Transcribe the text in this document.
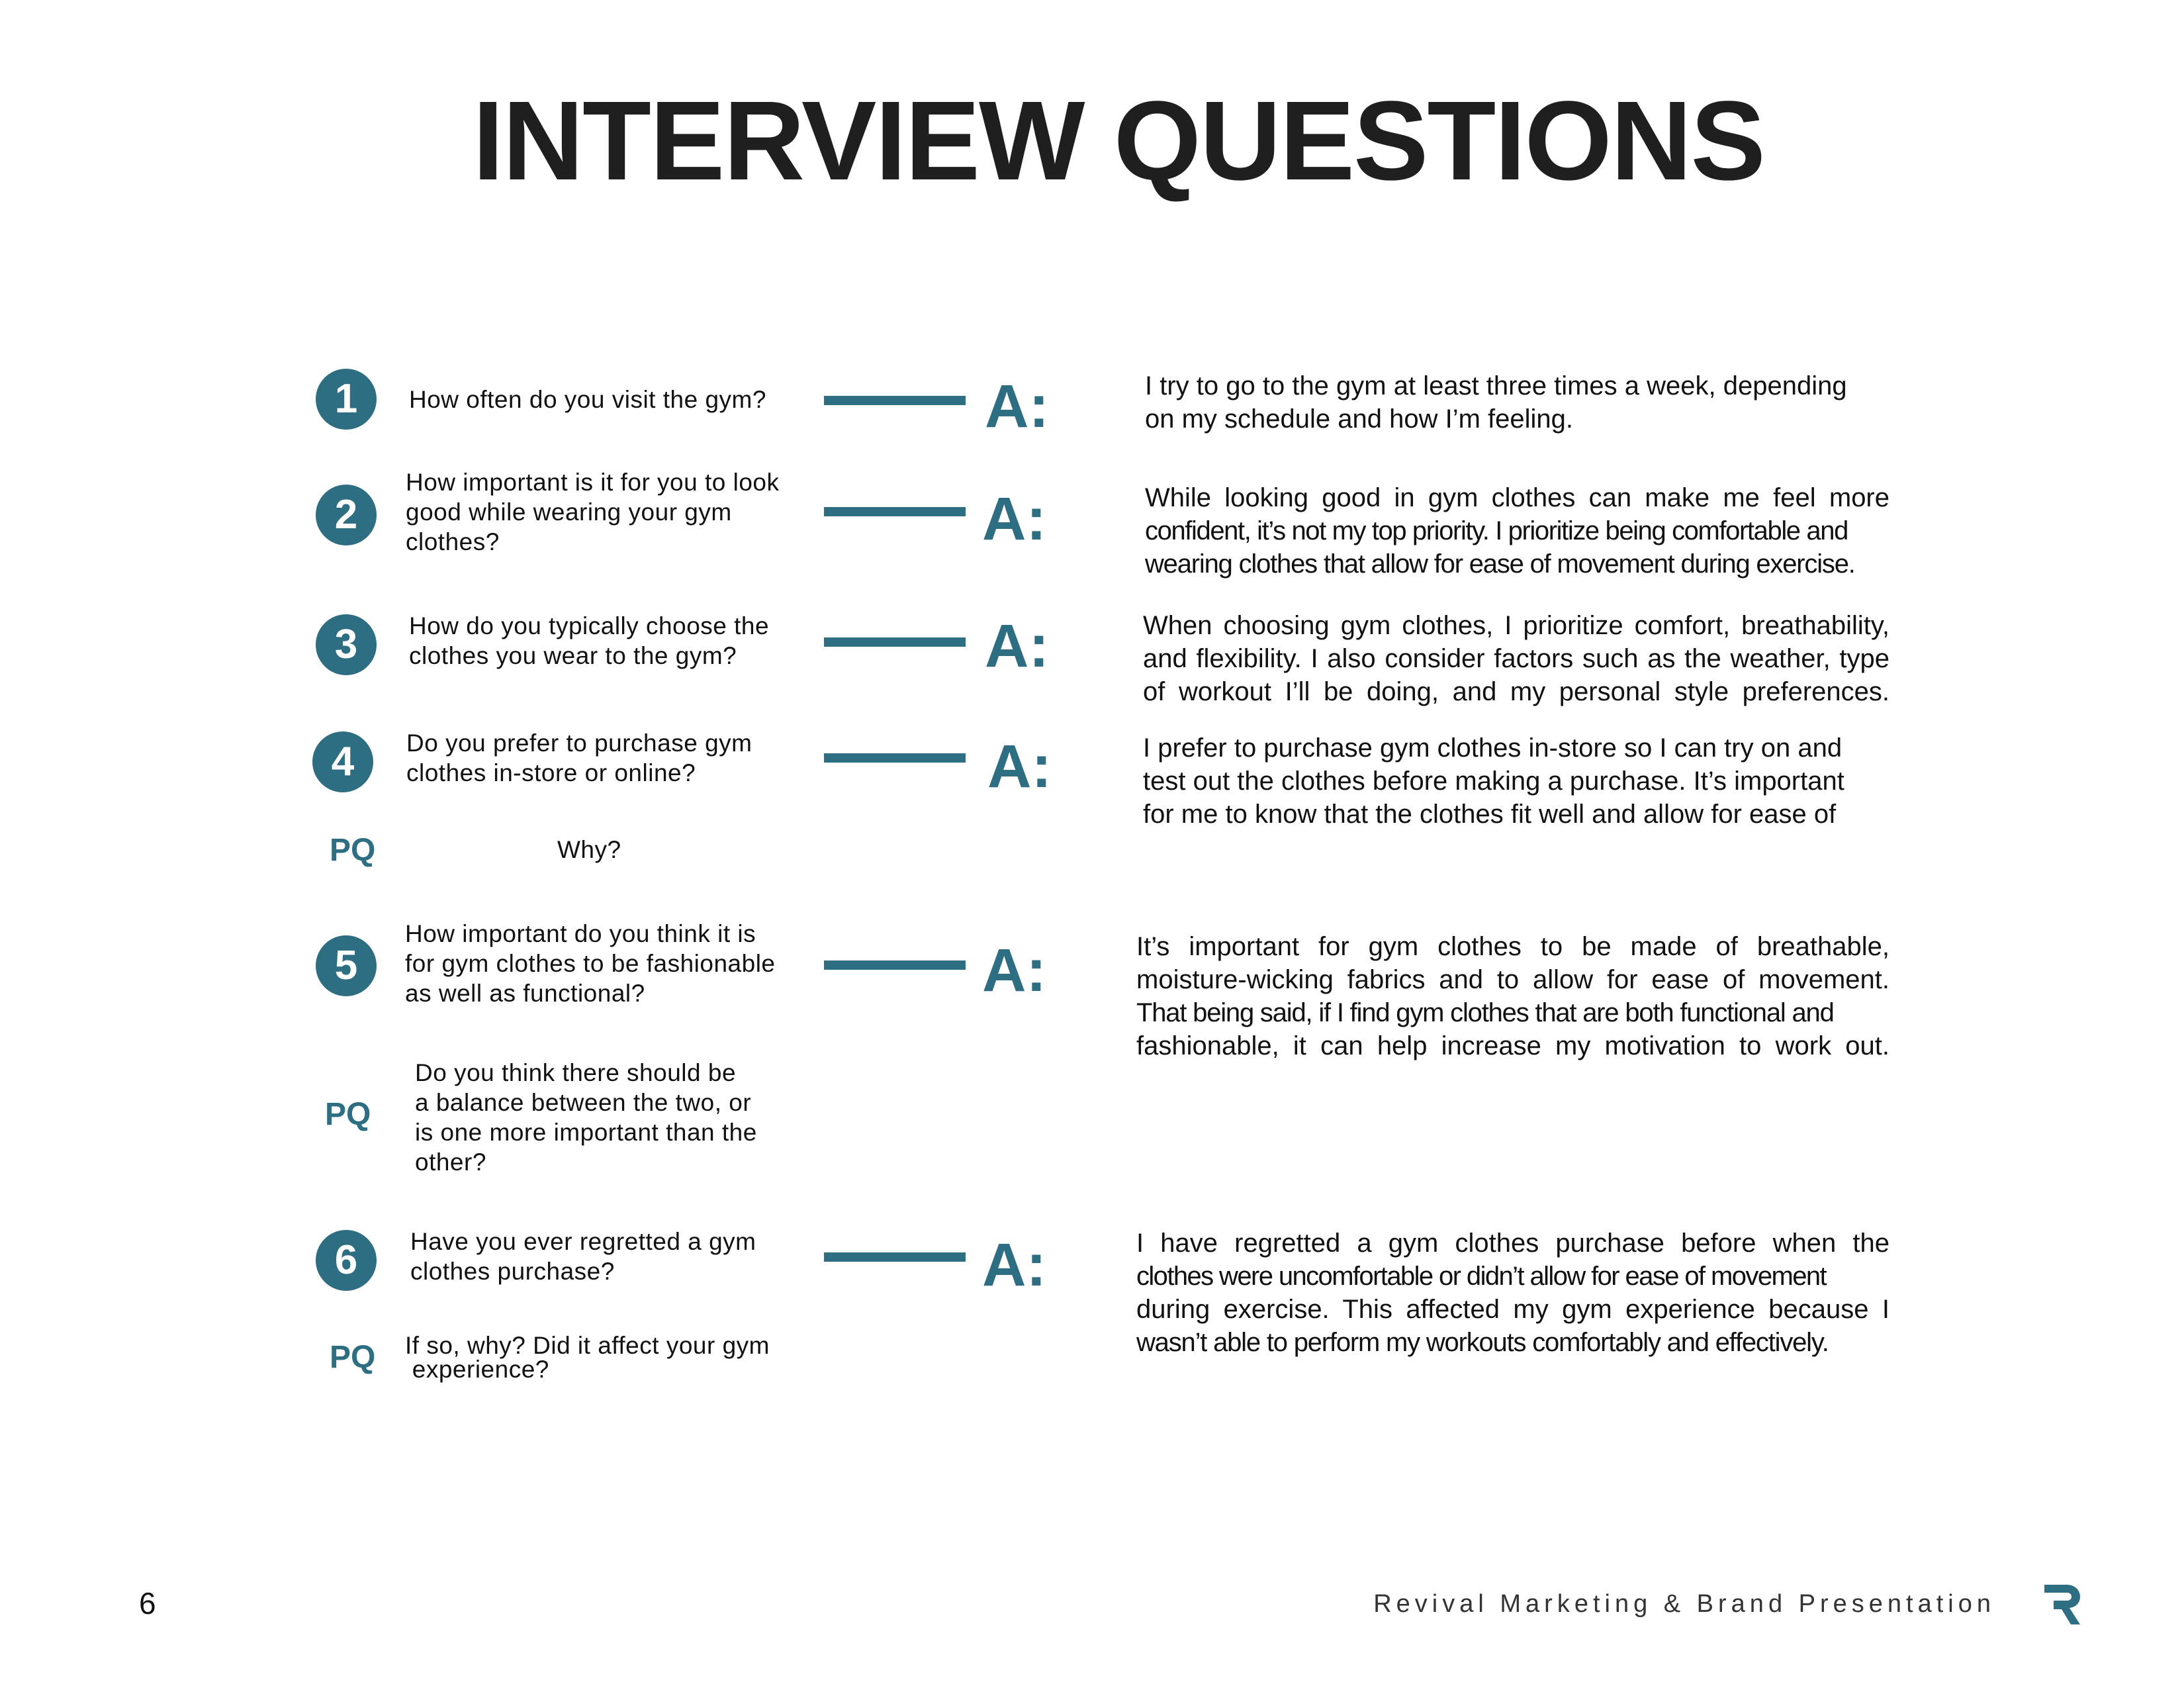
INTERVIEW QUESTIONS
1	How often do you visit the gym?	A:	I try to go to the gym at least three times a week, depending
on my schedule and how I’m feeling.
2
How important is it for you to look
good while wearing your gym
clothes?	A:	While looking good in gym clothes can make me feel more
confident, it’s not my top priority. I prioritize being comfortable and
wearing clothes that allow for ease of movement during exercise.
3	How do you typically choose the
clothes you wear to the gym?	A:	When choosing gym clothes, I prioritize comfort, breathability,
and flexibility. I also consider factors such as the weather, type
of workout I’ll be doing, and my personal style preferences.
4	Do you prefer to purchase gym
clothes in-store or online?	A:	I prefer to purchase gym clothes in-store so I can try on and
test out the clothes before making a purchase. It’s important
for me to know that the clothes fit well and allow for ease of
PQ	Why?
5
How important do you think it is
for gym clothes to be fashionable
as well as functional?	A:	It’s important for gym clothes to be made of breathable,
moisture-wicking fabrics and to allow for ease of movement.
That being said, if I find gym clothes that are both functional and
fashionable, it can help increase my motivation to work out.
PQ
Do you think there should be
a balance between the two, or
is one more important than the
other?
6	Have you ever regretted a gym
clothes purchase?	A:	I have regretted a gym clothes purchase before when the
clothes were uncomfortable or didn’t allow for ease of movement
during exercise. This affected my gym experience because I
wasn’t able to perform my workouts comfortably and effectively.
PQ If so, why? Did it affect your gym
experience?
6	Revival Marketing & Brand Presentation
